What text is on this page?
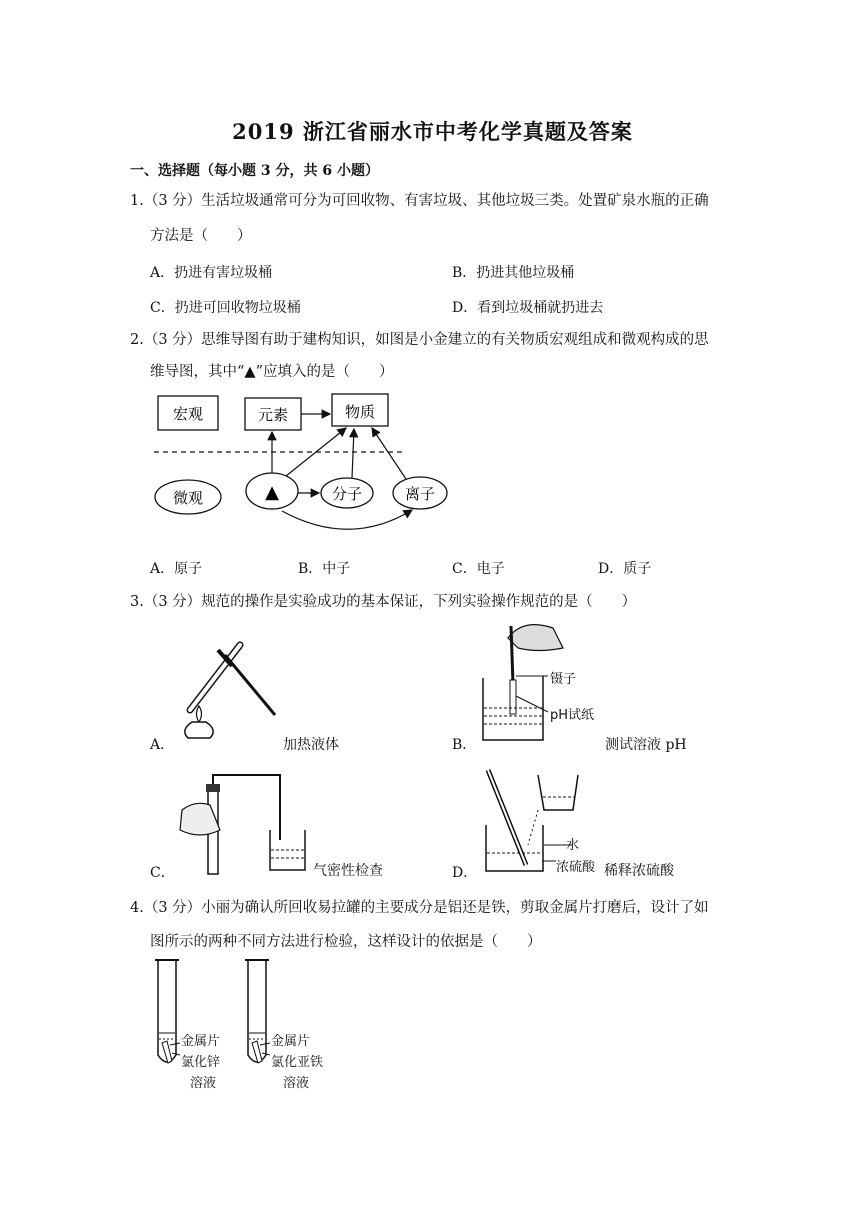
2019 浙江省丽水市中考化学真题及答案
一、选择题（每小题 3 分，共 6 小题）
1.（3 分）生活垃圾通常可分为可回收物、有害垃圾、其他垃圾三类。处置矿泉水瓶的正确
方法是（　　）
A．扔进有害垃圾桶	B．扔进其他垃圾桶
C．扔进可回收物垃圾桶	D．看到垃圾桶就扔进去
2.（3 分）思维导图有助于建构知识，如图是小金建立的有关物质宏观组成和微观构成的思
维导图，其中“▲”应填入的是（　　）
宏观	元素	物质
微观	▲	分子	离子
A．原子	B．中子	C．电子	D．质子
3.（3 分）规范的操作是实验成功的基本保证，下列实验操作规范的是（　　）
A．	加热液体
镊子
pH试纸
B．	测试溶液 pH
C．	气密性检查
水
浓硫酸
D．	稀释浓硫酸
4.（3 分）小丽为确认所回收易拉罐的主要成分是铝还是铁，剪取金属片打磨后，设计了如
图所示的两种不同方法进行检验，这样设计的依据是（　　）
金属片
氯化锌
溶液
金属片
氯化亚铁
溶液
